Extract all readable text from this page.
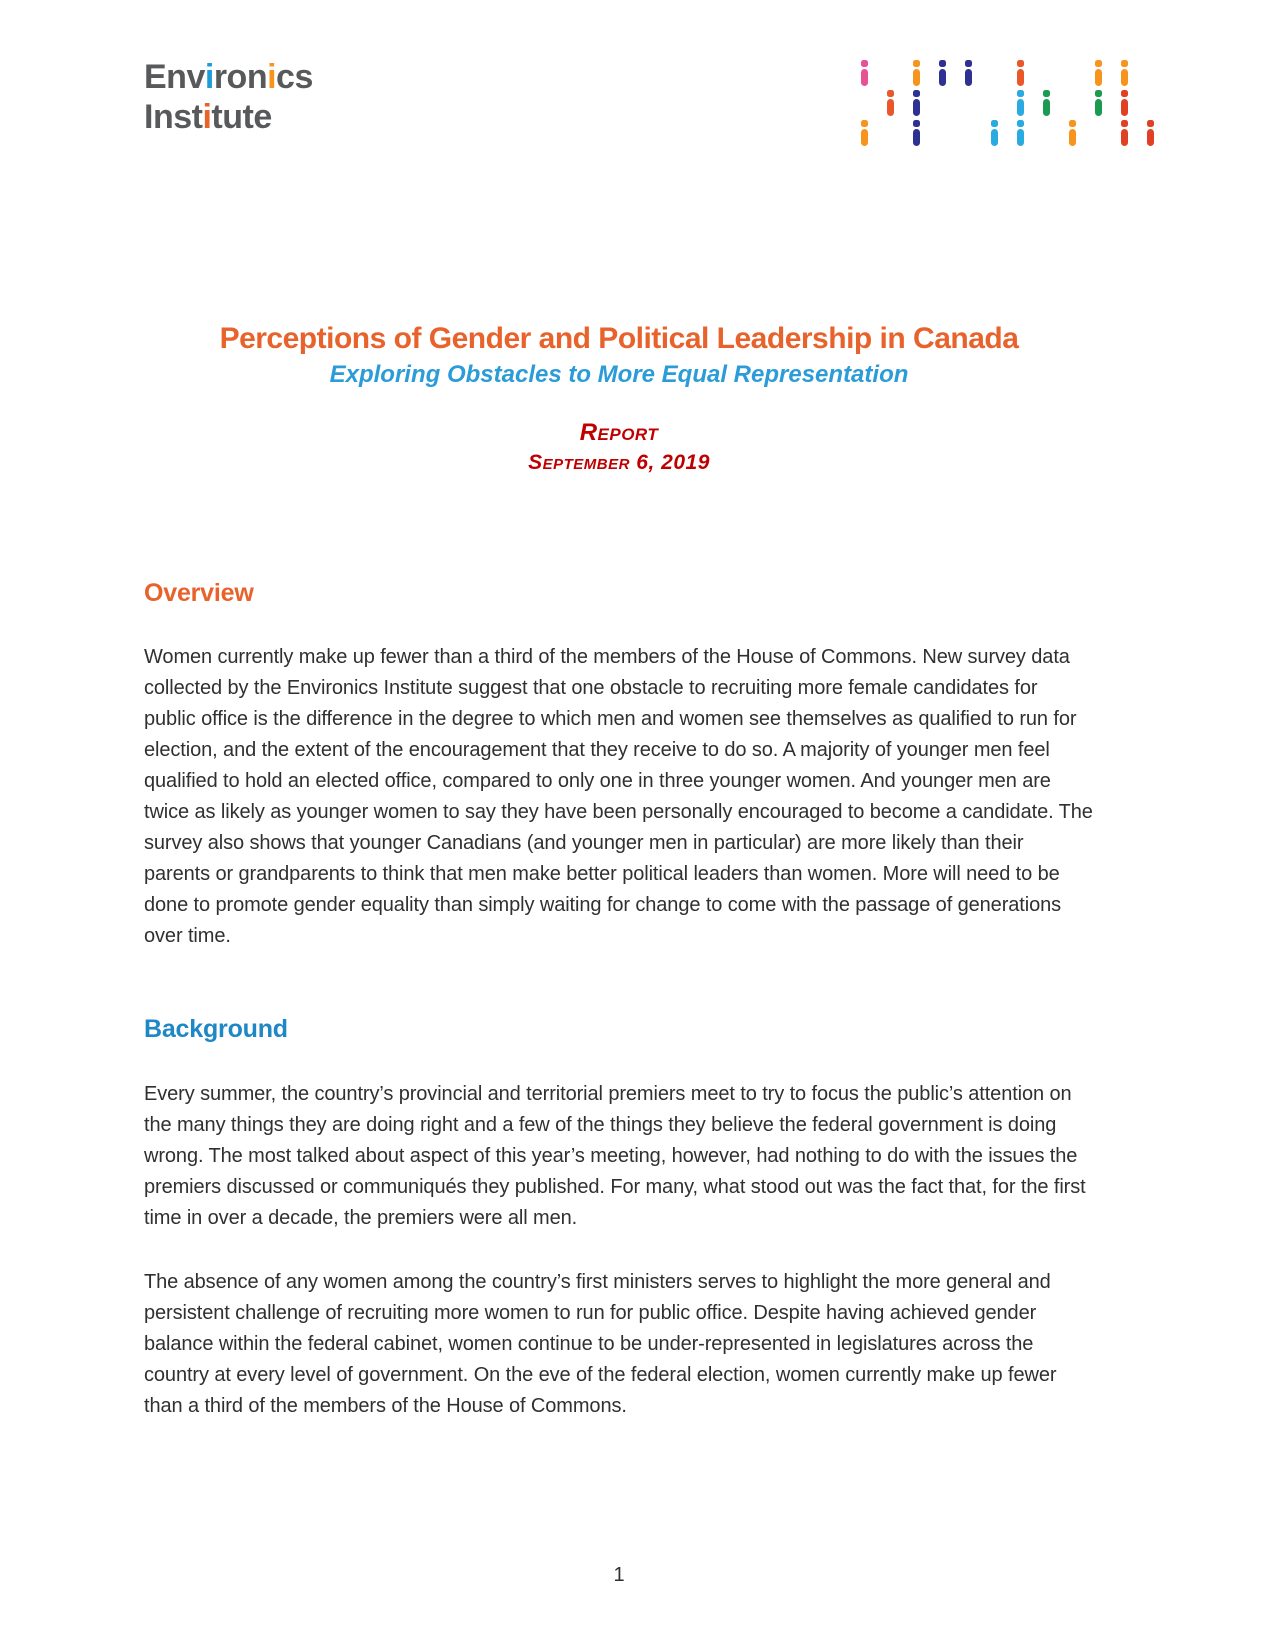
Environics
Institute
Perceptions of Gender and Political Leadership in Canada
Exploring Obstacles to More Equal Representation
Report
September 6, 2019
Overview

Women currently make up fewer than a third of the members of the House of Commons. New survey data collected by the Environics Institute suggest that one obstacle to recruiting more female candidates for public office is the difference in the degree to which men and women see themselves as qualified to run for election, and the extent of the encouragement that they receive to do so. A majority of younger men feel qualified to hold an elected office, compared to only one in three younger women. And younger men are twice as likely as younger women to say they have been personally encouraged to become a candidate. The survey also shows that younger Canadians (and younger men in particular) are more likely than their parents or grandparents to think that men make better political leaders than women. More will need to be done to promote gender equality than simply waiting for change to come with the passage of generations over time.

Background

Every summer, the country’s provincial and territorial premiers meet to try to focus the public’s attention on the many things they are doing right and a few of the things they believe the federal government is doing wrong. The most talked about aspect of this year’s meeting, however, had nothing to do with the issues the premiers discussed or communiqués they published. For many, what stood out was the fact that, for the first time in over a decade, the premiers were all men.

The absence of any women among the country’s first ministers serves to highlight the more general and persistent challenge of recruiting more women to run for public office. Despite having achieved gender balance within the federal cabinet, women continue to be under-represented in legislatures across the country at every level of government. On the eve of the federal election, women currently make up fewer than a third of the members of the House of Commons.

1
